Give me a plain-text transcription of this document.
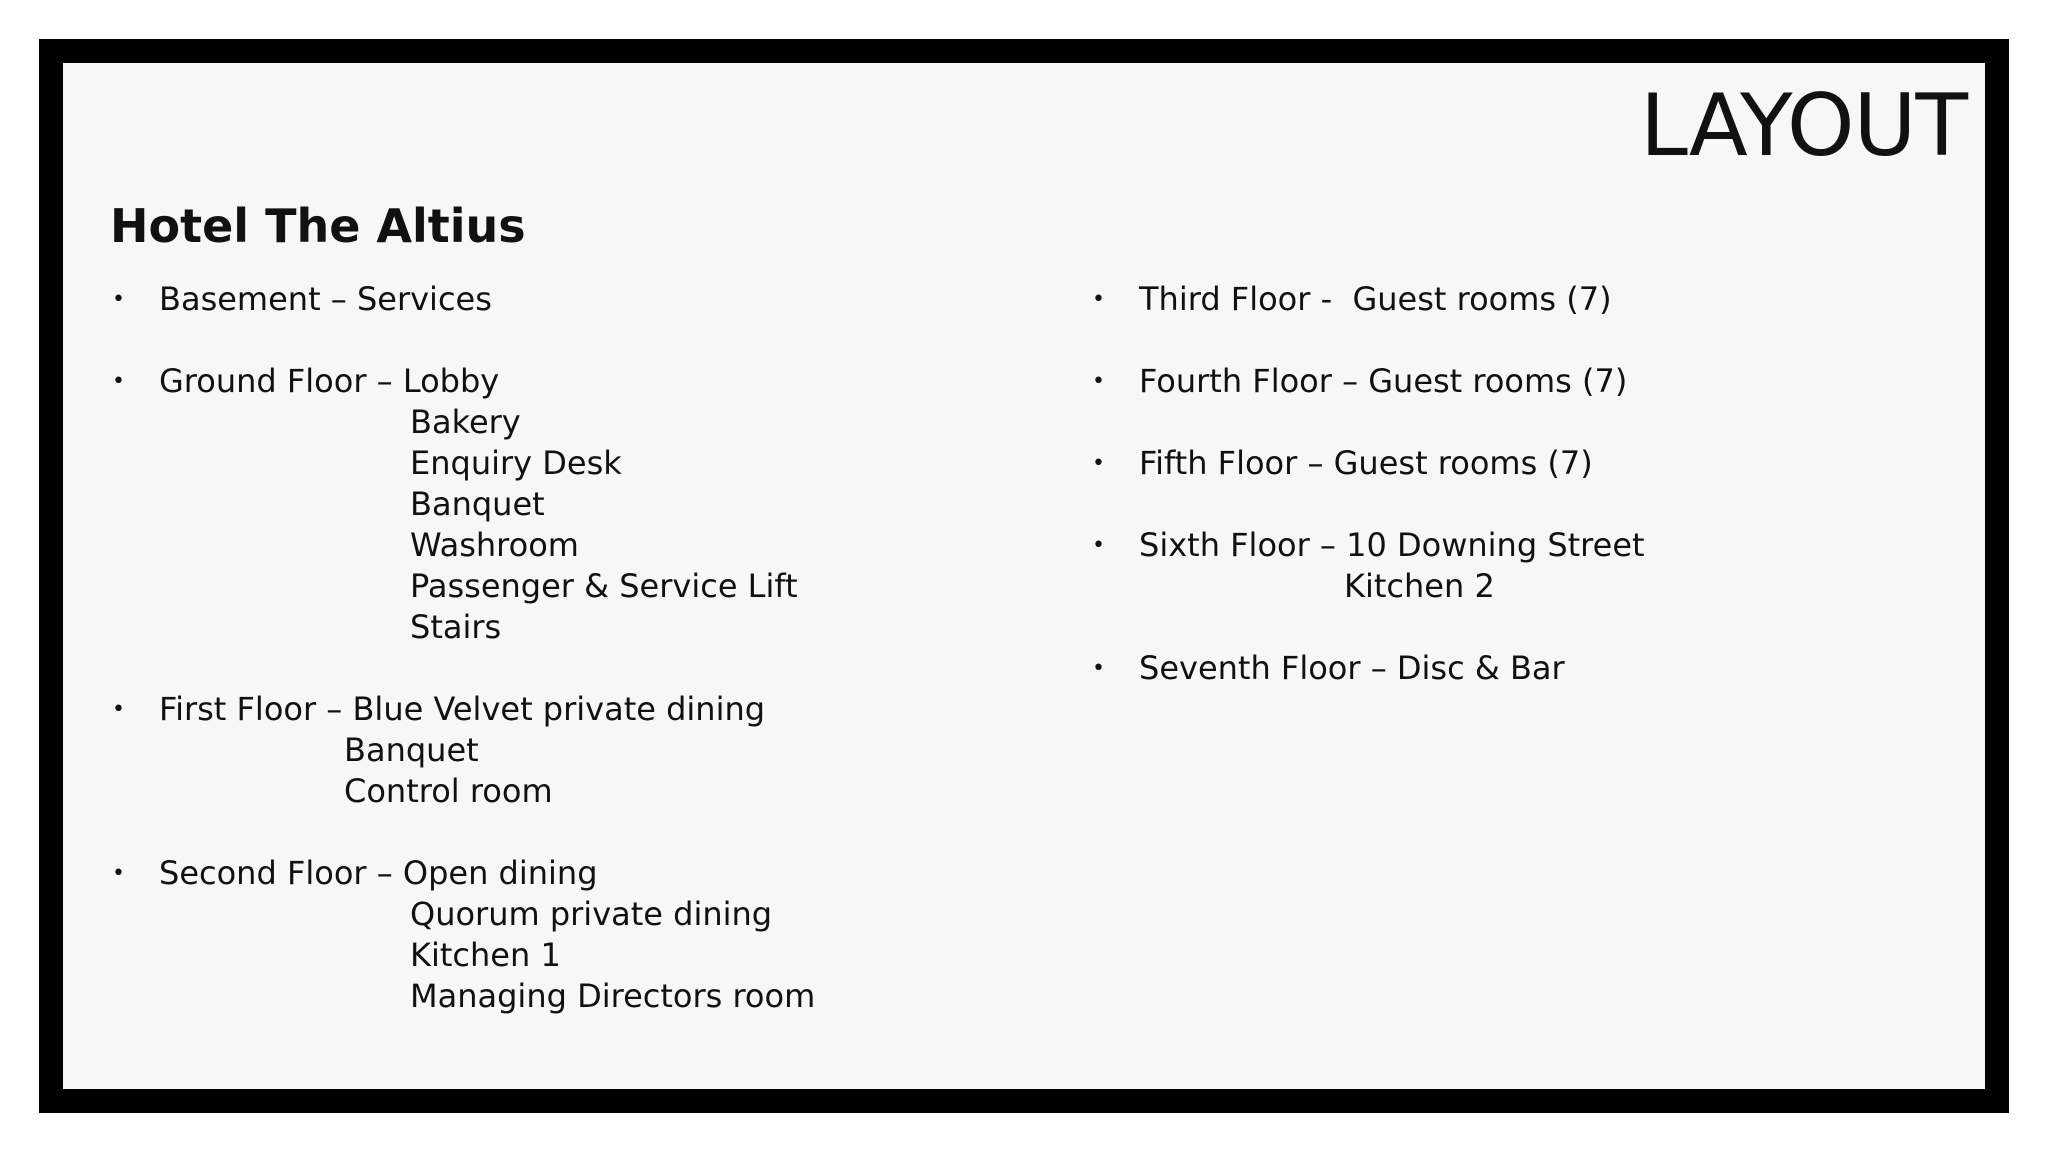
LAYOUT
Hotel The Altius
• Basement – Services
• Ground Floor – Lobby
Bakery
Enquiry Desk
Banquet
Washroom
Passenger & Service Lift
Stairs
• First Floor – Blue Velvet private dining
Banquet
Control room
• Second Floor – Open dining
Quorum private dining
Kitchen 1
Managing Directors room
• Third Floor -  Guest rooms (7)
• Fourth Floor – Guest rooms (7)
• Fifth Floor – Guest rooms (7)
• Sixth Floor – 10 Downing Street
Kitchen 2
• Seventh Floor – Disc & Bar
